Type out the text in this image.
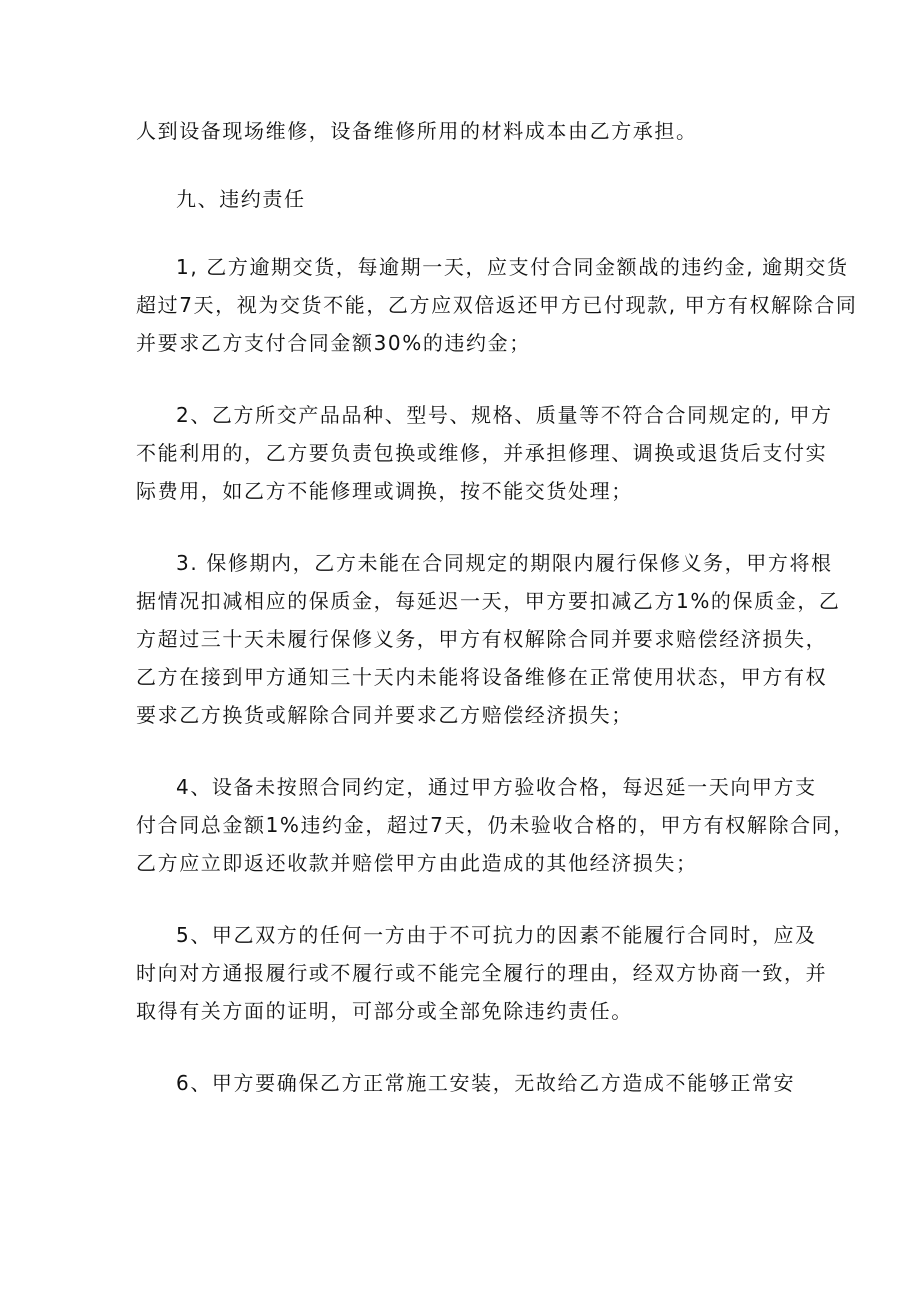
人到设备现场维修，设备维修所用的材料成本由乙方承担。
九、违约责任
1, 乙方逾期交货，每逾期一天，应支付合同金额战的违约金, 逾期交货
超过7天，视为交货不能，乙方应双倍返还甲方已付现款, 甲方有权解除合同
并要求乙方支付合同金额30%的违约金；
2、乙方所交产品品种、型号、规格、质量等不符合合同规定的, 甲方
不能利用的，乙方要负责包换或维修，并承担修理、调换或退货后支付实
际费用，如乙方不能修理或调换，按不能交货处理；
3. 保修期内，乙方未能在合同规定的期限内履行保修义务，甲方将根
据情况扣减相应的保质金，每延迟一天，甲方要扣减乙方1%的保质金，乙
方超过三十天未履行保修义务，甲方有权解除合同并要求赔偿经济损失，
乙方在接到甲方通知三十天内未能将设备维修在正常使用状态，甲方有权
要求乙方换货或解除合同并要求乙方赔偿经济损失；
4、设备未按照合同约定，通过甲方验收合格，每迟延一天向甲方支
付合同总金额1%违约金，超过7天，仍未验收合格的，甲方有权解除合同，
乙方应立即返还收款并赔偿甲方由此造成的其他经济损失；
5、甲乙双方的任何一方由于不可抗力的因素不能履行合同时，应及
时向对方通报履行或不履行或不能完全履行的理由，经双方协商一致，并
取得有关方面的证明，可部分或全部免除违约责任。
6、甲方要确保乙方正常施工安装，无故给乙方造成不能够正常安
